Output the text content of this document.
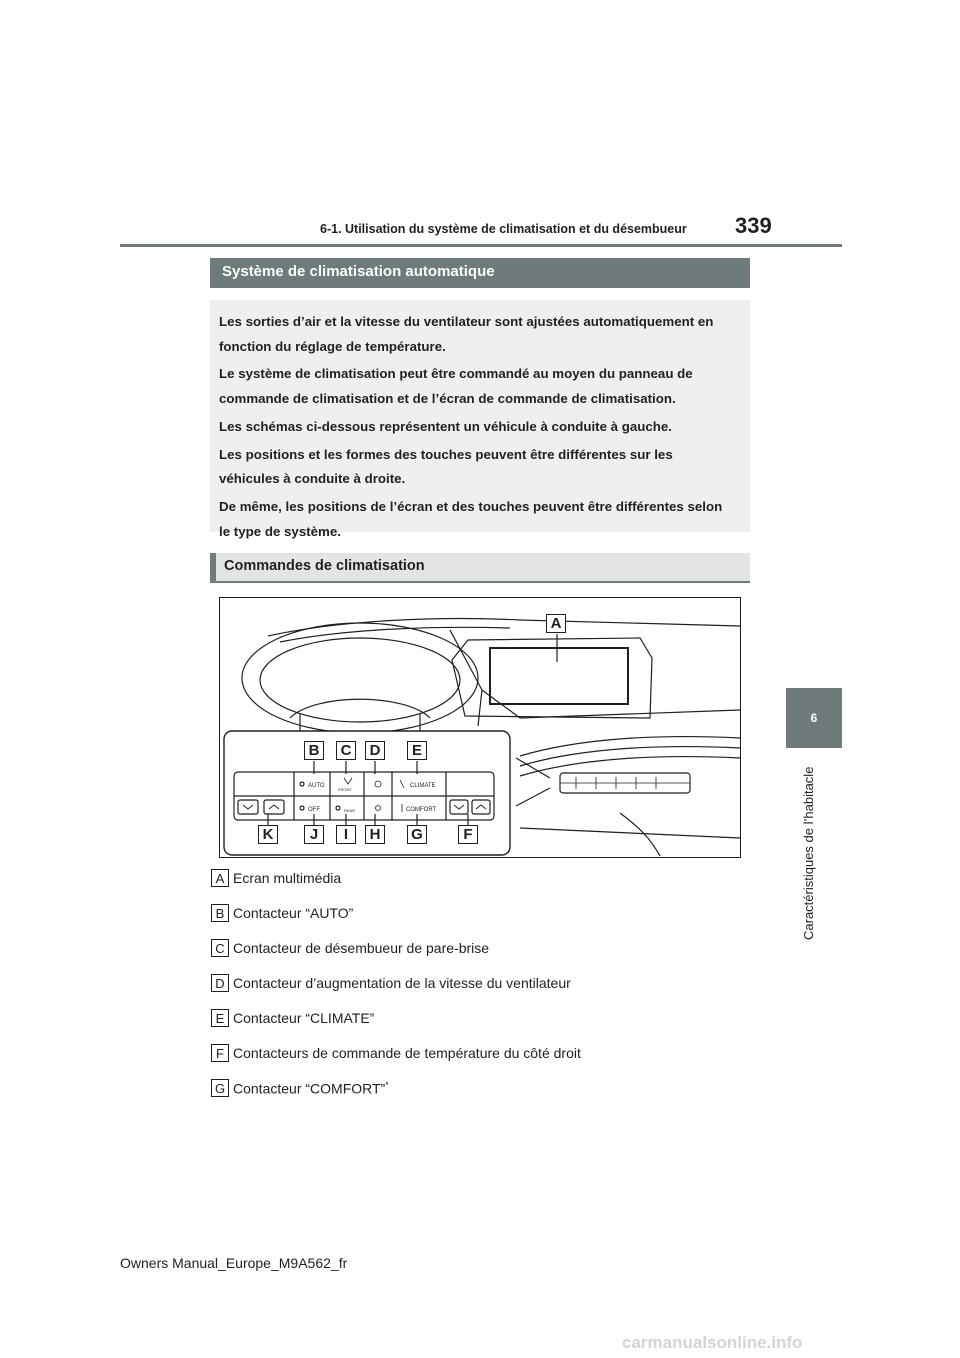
6-1. Utilisation du système de climatisation et du désembueur 339
6
Caractéristiques de l’habitacle
Système de climatisation automatique

Les sorties d’air et la vitesse du ventilateur sont ajustées automatiquement en fonction du réglage de température.

Le système de climatisation peut être commandé au moyen du panneau de commande de climatisation et de l’écran de commande de climatisation.

Les schémas ci-dessous représentent un véhicule à conduite à gauche.

Les positions et les formes des touches peuvent être différentes sur les véhicules à conduite à droite.

De même, les positions de l’écran et des touches peuvent être différentes selon le type de système.

Commandes de climatisation
AUTO
FRONT
CLIMATE
OFF	REAR	COMFORT
A
B	C	D	E
F
G
H
I
J
K
A Ecran multimédia
B Contacteur “AUTO”
C Contacteur de désembueur de pare-brise
D Contacteur d’augmentation de la vitesse du ventilateur
E Contacteur “CLIMATE”
F Contacteurs de commande de température du côté droit
G Contacteur “COMFORT”*
Owners Manual_Europe_M9A562_fr
carmanualsonline.info
